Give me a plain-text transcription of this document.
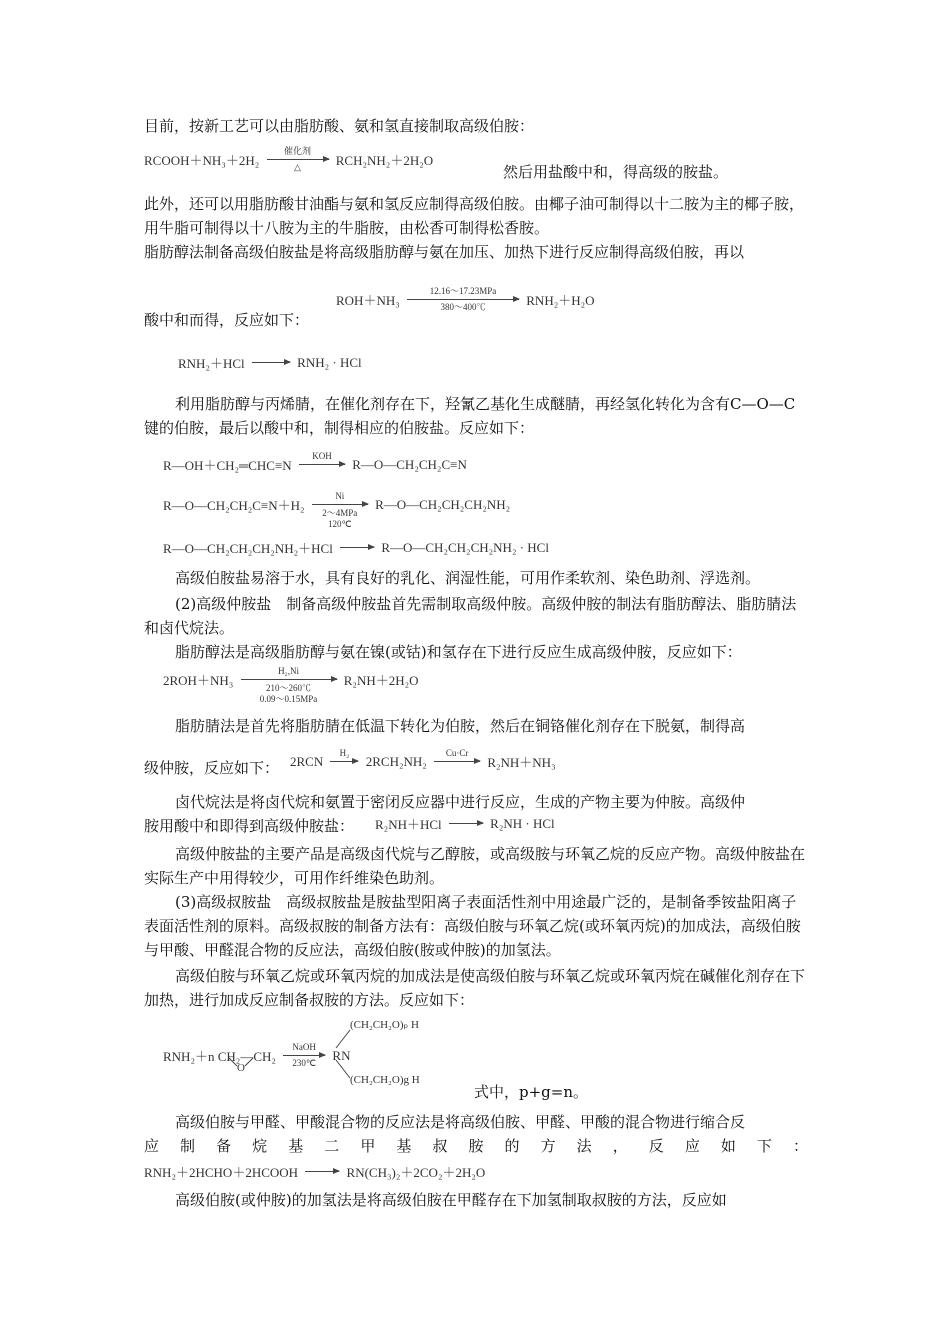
目前，按新工艺可以由脂肪酸、氨和氢直接制取高级伯胺：
RCOOH＋NH₃＋2H₂
催化剂
△	RCH₂NH₂＋2H₂O
然后用盐酸中和，得高级的胺盐。

此外，还可以用脂肪酸甘油酯与氨和氢反应制得高级伯胺。由椰子油可制得以十二胺为主的椰子胺，用牛脂可制得以十八胺为主的牛脂胺，由松香可制得松香胺。

脂肪醇法制备高级伯胺盐是将高级脂肪醇与氨在加压、加热下进行反应制得高级伯胺，再以
ROH＋NH₃
12.16～17.23MPa
380～400℃	RNH₂＋H₂O
酸中和而得，反应如下：
RNH₂＋HCl → RNH₂ · HCl

利用脂肪醇与丙烯腈，在催化剂存在下，羟氰乙基化生成醚腈，再经氢化转化为含有C—O—C 键的伯胺，最后以酸中和，制得相应的伯胺盐。反应如下：

R—OH＋CH₂═CHC≡N
KOH
R—O—CH₂CH₂C≡N
R—O—CH₂CH₂C≡N＋H₂
Ni
2～4MPa
120℃
R—O—CH₂CH₂CH₂NH₂
R—O—CH₂CH₂CH₂NH₂＋HCl → R—O—CH₂CH₂CH₂NH₂ · HCl
高级伯胺盐易溶于水，具有良好的乳化、润湿性能，可用作柔软剂、染色助剂、浮选剂。

(2)高级仲胺盐　制备高级仲胺盐首先需制取高级仲胺。高级仲胺的制法有脂肪醇法、脂肪腈法和卤代烷法。

脂肪醇法是高级脂肪醇与氨在镍(或钴)和氢存在下进行反应生成高级仲胺，反应如下：
2ROH＋NH₃
H₂,Ni
210～260℃
0.09～0.15MPa
R₂NH＋2H₂O
脂肪腈法是首先将脂肪腈在低温下转化为伯胺，然后在铜铬催化剂存在下脱氨，制得高
级仲胺，反应如下： 2RCN
H₂
2RCH₂NH₂
Cu·Cr
R₂NH＋NH₃
卤代烷法是将卤代烷和氨置于密闭反应器中进行反应，生成的产物主要为仲胺。高级仲
胺用酸中和即得到高级仲胺盐： R₂NH＋HCl → R₂NH · HCl

高级仲胺盐的主要产品是高级卤代烷与乙醇胺，或高级胺与环氧乙烷的反应产物。高级仲胺盐在实际生产中用得较少，可用作纤维染色助剂。

(3)高级叔胺盐　高级叔胺盐是胺盐型阳离子表面活性剂中用途最广泛的，是制备季铵盐阳离子表面活性剂的原料。高级叔胺的制备方法有：高级伯胺与环氧乙烷(或环氧丙烷)的加成法，高级伯胺与甲酸、甲醛混合物的反应法，高级伯胺(胺或仲胺)的加氢法。

高级伯胺与环氧乙烷或环氧丙烷的加成法是使高级伯胺与环氧乙烷或环氧丙烷在碱催化剂存在下加热，进行加成反应制备叔胺的方法。反应如下：

RNH₂＋n CH₂—CH₂
NaOH
230℃
RN
O
(CH₂CH₂O)ₚ H
(CH₂CH₂O)g H
式中，p+g=n。
高级伯胺与甲醛、甲酸混合物的反应法是将高级伯胺、甲醛、甲酸的混合物进行缩合反
应制备烷基二甲基叔胺的方法，反应如下：
RNH₂＋2HCHO＋2HCOOH → RN(CH₃)₂＋2CO₂＋2H₂O
高级伯胺(或仲胺)的加氢法是将高级伯胺在甲醛存在下加氢制取叔胺的方法，反应如
